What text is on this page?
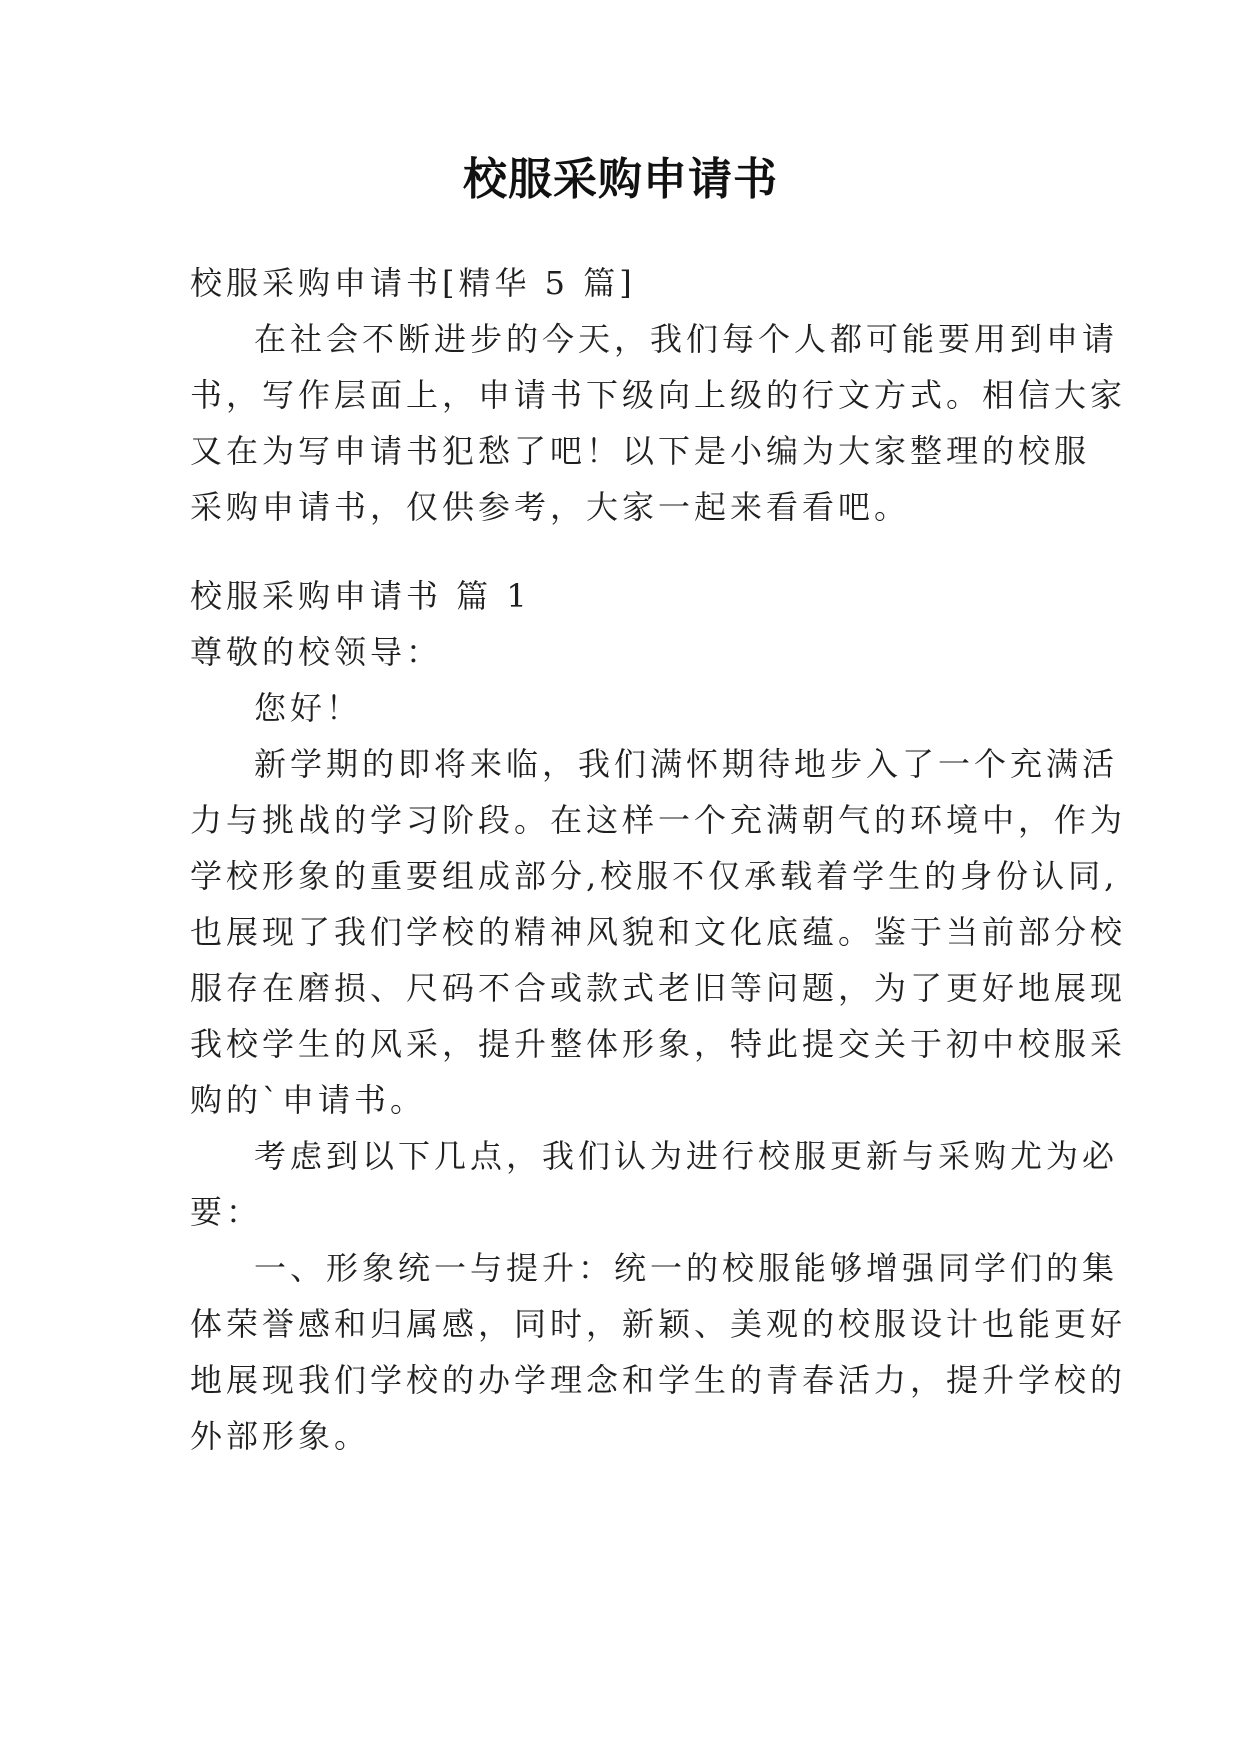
校服采购申请书
校服采购申请书[精华 5 篇]
在社会不断进步的今天，我们每个人都可能要用到申请
书，写作层面上，申请书下级向上级的行文方式。相信大家
又在为写申请书犯愁了吧！以下是小编为大家整理的校服
采购申请书，仅供参考，大家一起来看看吧。
校服采购申请书 篇 1
尊敬的校领导：
您好！
新学期的即将来临，我们满怀期待地步入了一个充满活
力与挑战的学习阶段。在这样一个充满朝气的环境中，作为
学校形象的重要组成部分,校服不仅承载着学生的身份认同,
也展现了我们学校的精神风貌和文化底蕴。鉴于当前部分校
服存在磨损、尺码不合或款式老旧等问题，为了更好地展现
我校学生的风采，提升整体形象，特此提交关于初中校服采
购的`申请书。
考虑到以下几点，我们认为进行校服更新与采购尤为必
要：
一、形象统一与提升：统一的校服能够增强同学们的集
体荣誉感和归属感，同时，新颖、美观的校服设计也能更好
地展现我们学校的办学理念和学生的青春活力，提升学校的
外部形象。
